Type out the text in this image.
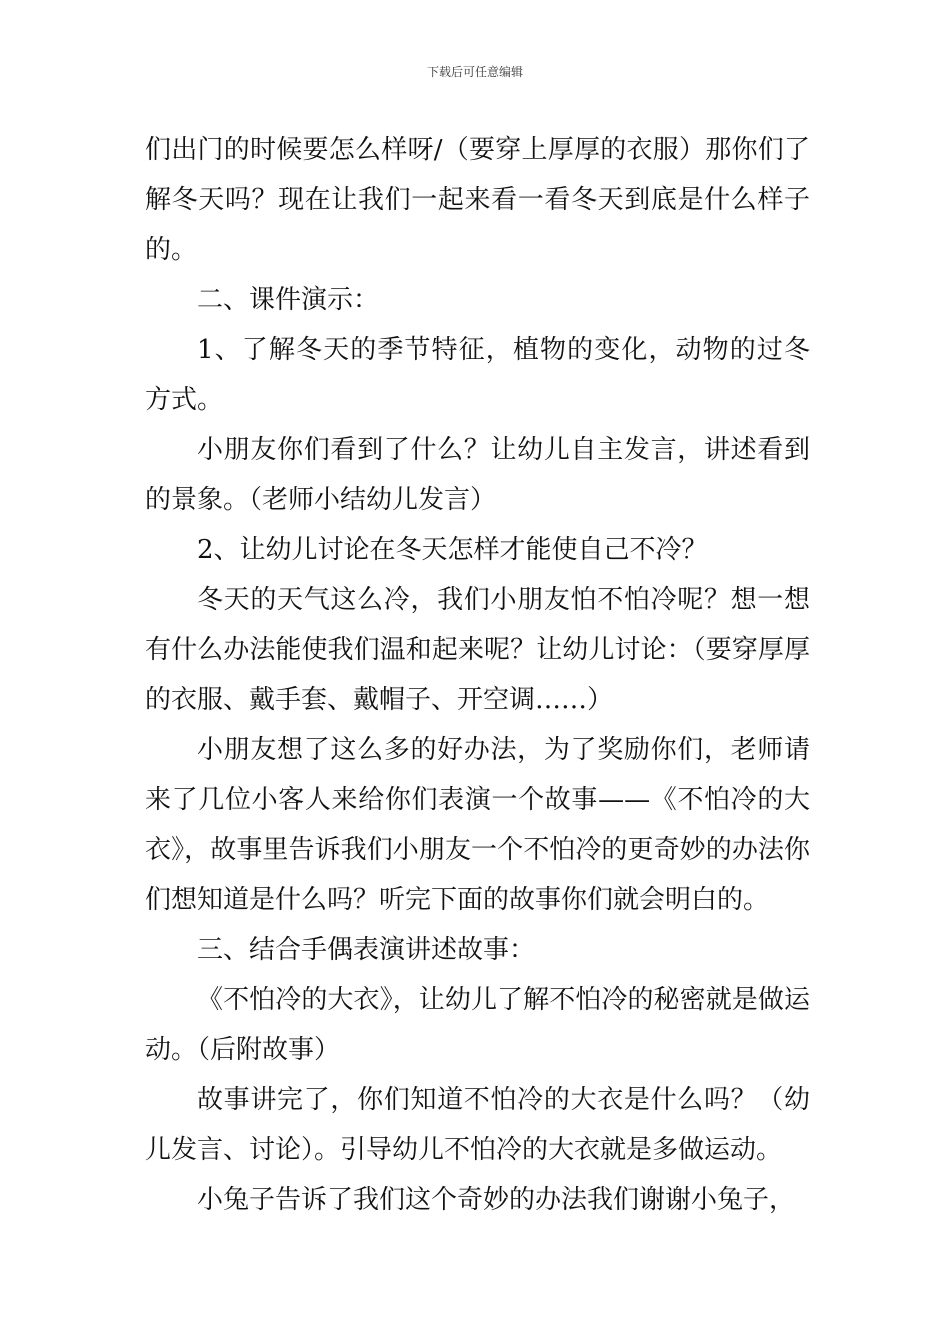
下载后可任意编辑

们出门的时候要怎么样呀/（要穿上厚厚的衣服）那你们了解冬天吗？现在让我们一起来看一看冬天到底是什么样子的。

二、课件演示：

1、了解冬天的季节特征，植物的变化，动物的过冬方式。

小朋友你们看到了什么？让幼儿自主发言，讲述看到的景象。（老师小结幼儿发言）

2、让幼儿讨论在冬天怎样才能使自己不冷？

冬天的天气这么冷，我们小朋友怕不怕冷呢？想一想有什么办法能使我们温和起来呢？让幼儿讨论：（要穿厚厚的衣服、戴手套、戴帽子、开空调……）

小朋友想了这么多的好办法，为了奖励你们，老师请来了几位小客人来给你们表演一个故事——《不怕冷的大衣》，故事里告诉我们小朋友一个不怕冷的更奇妙的办法你们想知道是什么吗？听完下面的故事你们就会明白的。

三、结合手偶表演讲述故事：

《不怕冷的大衣》，让幼儿了解不怕冷的秘密就是做运动。（后附故事）

故事讲完了，你们知道不怕冷的大衣是什么吗？（幼儿发言、讨论）。引导幼儿不怕冷的大衣就是多做运动。

小兔子告诉了我们这个奇妙的办法我们谢谢小兔子，
